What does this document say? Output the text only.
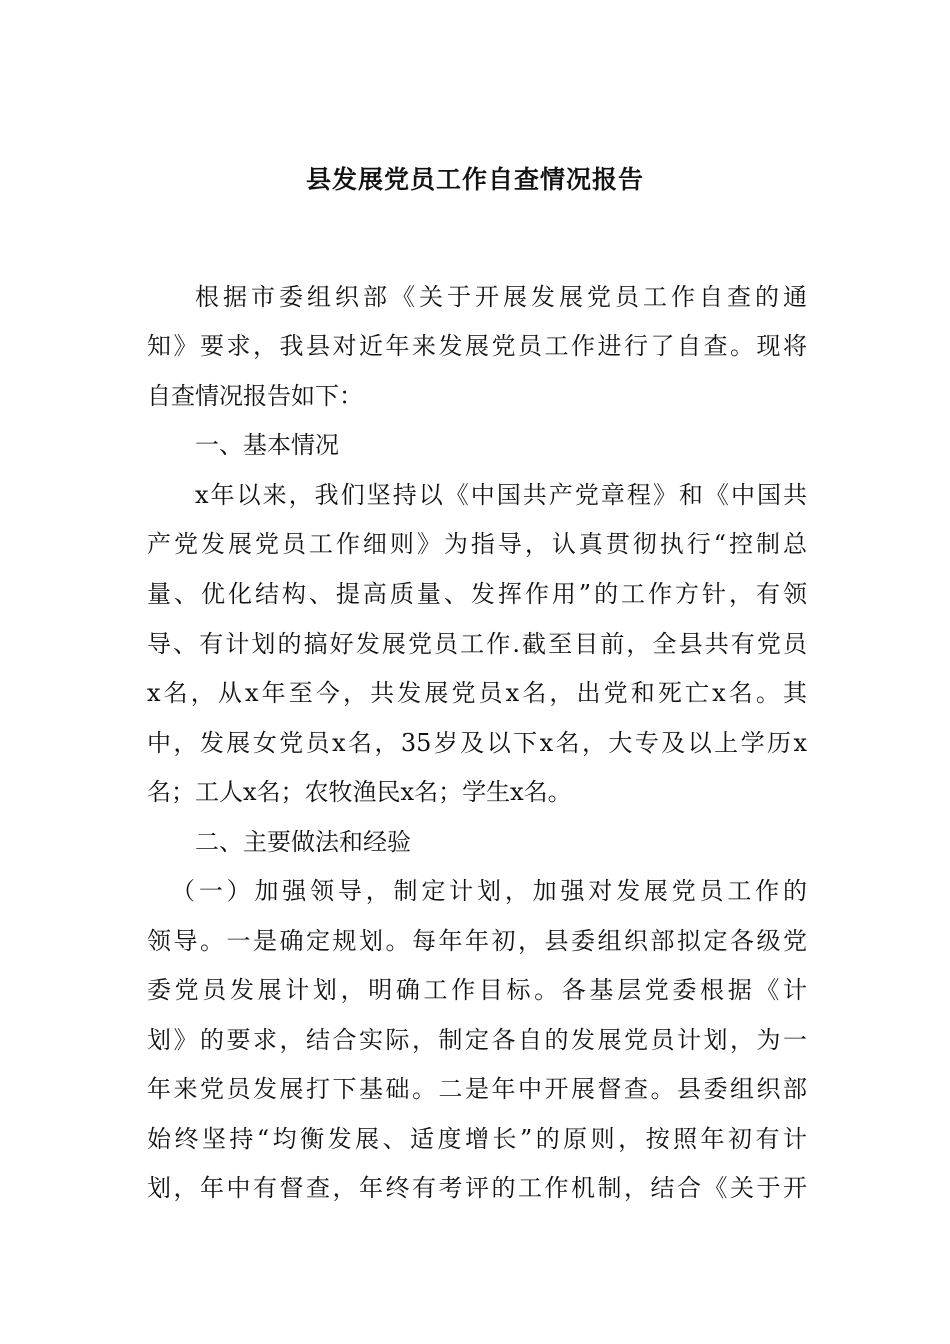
县发展党员工作自查情况报告
根据市委组织部《关于开展发展党员工作自查的通
知》要求，我县对近年来发展党员工作进行了自查。现将
自查情况报告如下：
一、基本情况
x年以来，我们坚持以《中国共产党章程》和《中国共
产党发展党员工作细则》为指导，认真贯彻执行“控制总
量、优化结构、提高质量、发挥作用”的工作方针，有领
导、有计划的搞好发展党员工作.截至目前，全县共有党员
x名，从x年至今，共发展党员x名，出党和死亡x名。其
中，发展女党员x名，35岁及以下x名，大专及以上学历x
名；工人x名；农牧渔民x名；学生x名。
二、主要做法和经验
（一）加强领导，制定计划，加强对发展党员工作的
领导。一是确定规划。每年年初，县委组织部拟定各级党
委党员发展计划，明确工作目标。各基层党委根据《计
划》的要求，结合实际，制定各自的发展党员计划，为一
年来党员发展打下基础。二是年中开展督查。县委组织部
始终坚持“均衡发展、适度增长”的原则，按照年初有计
划，年中有督查，年终有考评的工作机制，结合《关于开
